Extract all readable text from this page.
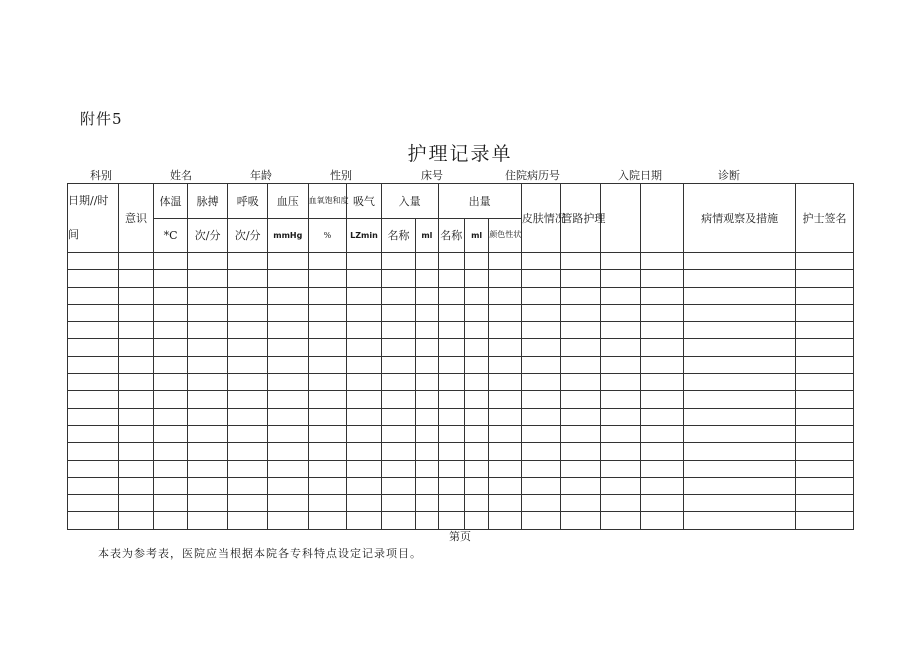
附件5
护理记录单
科别	姓名	年龄	性别	床号	住院病历号	入院日期	诊断
日期//时间	意识	体温	脉搏	呼吸	血压	血氧饱和度	吸气	入量		出量			皮肤情况	管路护理			病情观察及措施	护士签名
		*C	次/分	次/分	mmHg	%	LZmin	名称	ml	名称	ml	颜色性状						

第页
本表为参考表，医院应当根据本院各专科特点设定记录项目。
